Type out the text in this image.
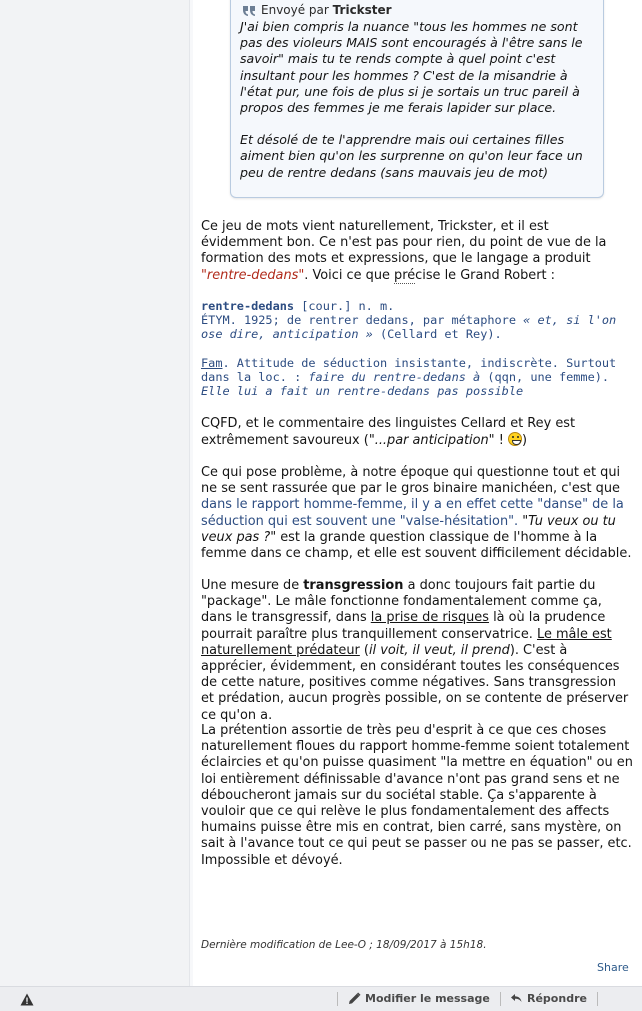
Envoyé par
Trickster

J'ai bien compris la nuance "tous les hommes ne sont pas des violeurs MAIS sont encouragés à l'être sans le savoir" mais tu te rends compte à quel point c'est insultant pour les hommes ? C'est de la misandrie à l'état pur, une fois de plus si je sortais un truc pareil à propos des femmes je me ferais lapider sur place.

Et désolé de te l'apprendre mais oui certaines filles aiment bien qu'on les surprenne on qu'on leur face un peu de rentre dedans (sans mauvais jeu de mot)

Ce jeu de mots vient naturellement, Trickster, et il est évidemment bon. Ce n'est pas pour rien, du point de vue de la formation des mots et expressions, que le langage a produit "rentre-dedans". Voici ce que précise le Grand Robert :
rentre-dedans [cour.] n. m.
ÉTYM. 1925; de rentrer dedans, par métaphore « et, si l'on ose dire, anticipation » (Cellard et Rey).
Fam. Attitude de séduction insistante, indiscrète. Surtout dans la loc. : faire du rentre-dedans à (qqn, une femme). Elle lui a fait un rentre-dedans pas possible
CQFD, et le commentaire des linguistes Cellard et Rey est extrêmement savoureux ("...par anticipation" ! )
Ce qui pose problème, à notre époque qui questionne tout et qui ne se sent rassurée que par le gros binaire manichéen, c'est que dans le rapport homme-femme, il y a en effet cette "danse" de la séduction qui est souvent une "valse-hésitation". "Tu veux ou tu veux pas ?" est la grande question classique de l'homme à la femme dans ce champ, et elle est souvent difficilement décidable.
Une mesure de transgression a donc toujours fait partie du "package". Le mâle fonctionne fondamentalement comme ça, dans le transgressif, dans la prise de risques là où la prudence pourrait paraître plus tranquillement conservatrice. Le mâle est naturellement prédateur (il voit, il veut, il prend). C'est à apprécier, évidemment, en considérant toutes les conséquences de cette nature, positives comme négatives. Sans transgression et prédation, aucun progrès possible, on se contente de préserver ce qu'on a.
La prétention assortie de très peu d'esprit à ce que ces choses naturellement floues du rapport homme-femme soient totalement éclaircies et qu'on puisse quasiment "la mettre en équation" ou en loi entièrement définissable d'avance n'ont pas grand sens et ne déboucheront jamais sur du sociétal stable. Ça s'apparente à vouloir que ce qui relève le plus fondamentalement des affects humains puisse être mis en contrat, bien carré, sans mystère, on sait à l'avance tout ce qui peut se passer ou ne pas se passer, etc. Impossible et dévoyé.
Dernière modification de Lee-O ; 18/09/2017 à 15h18.
Share
Modifier le message	Répondre
